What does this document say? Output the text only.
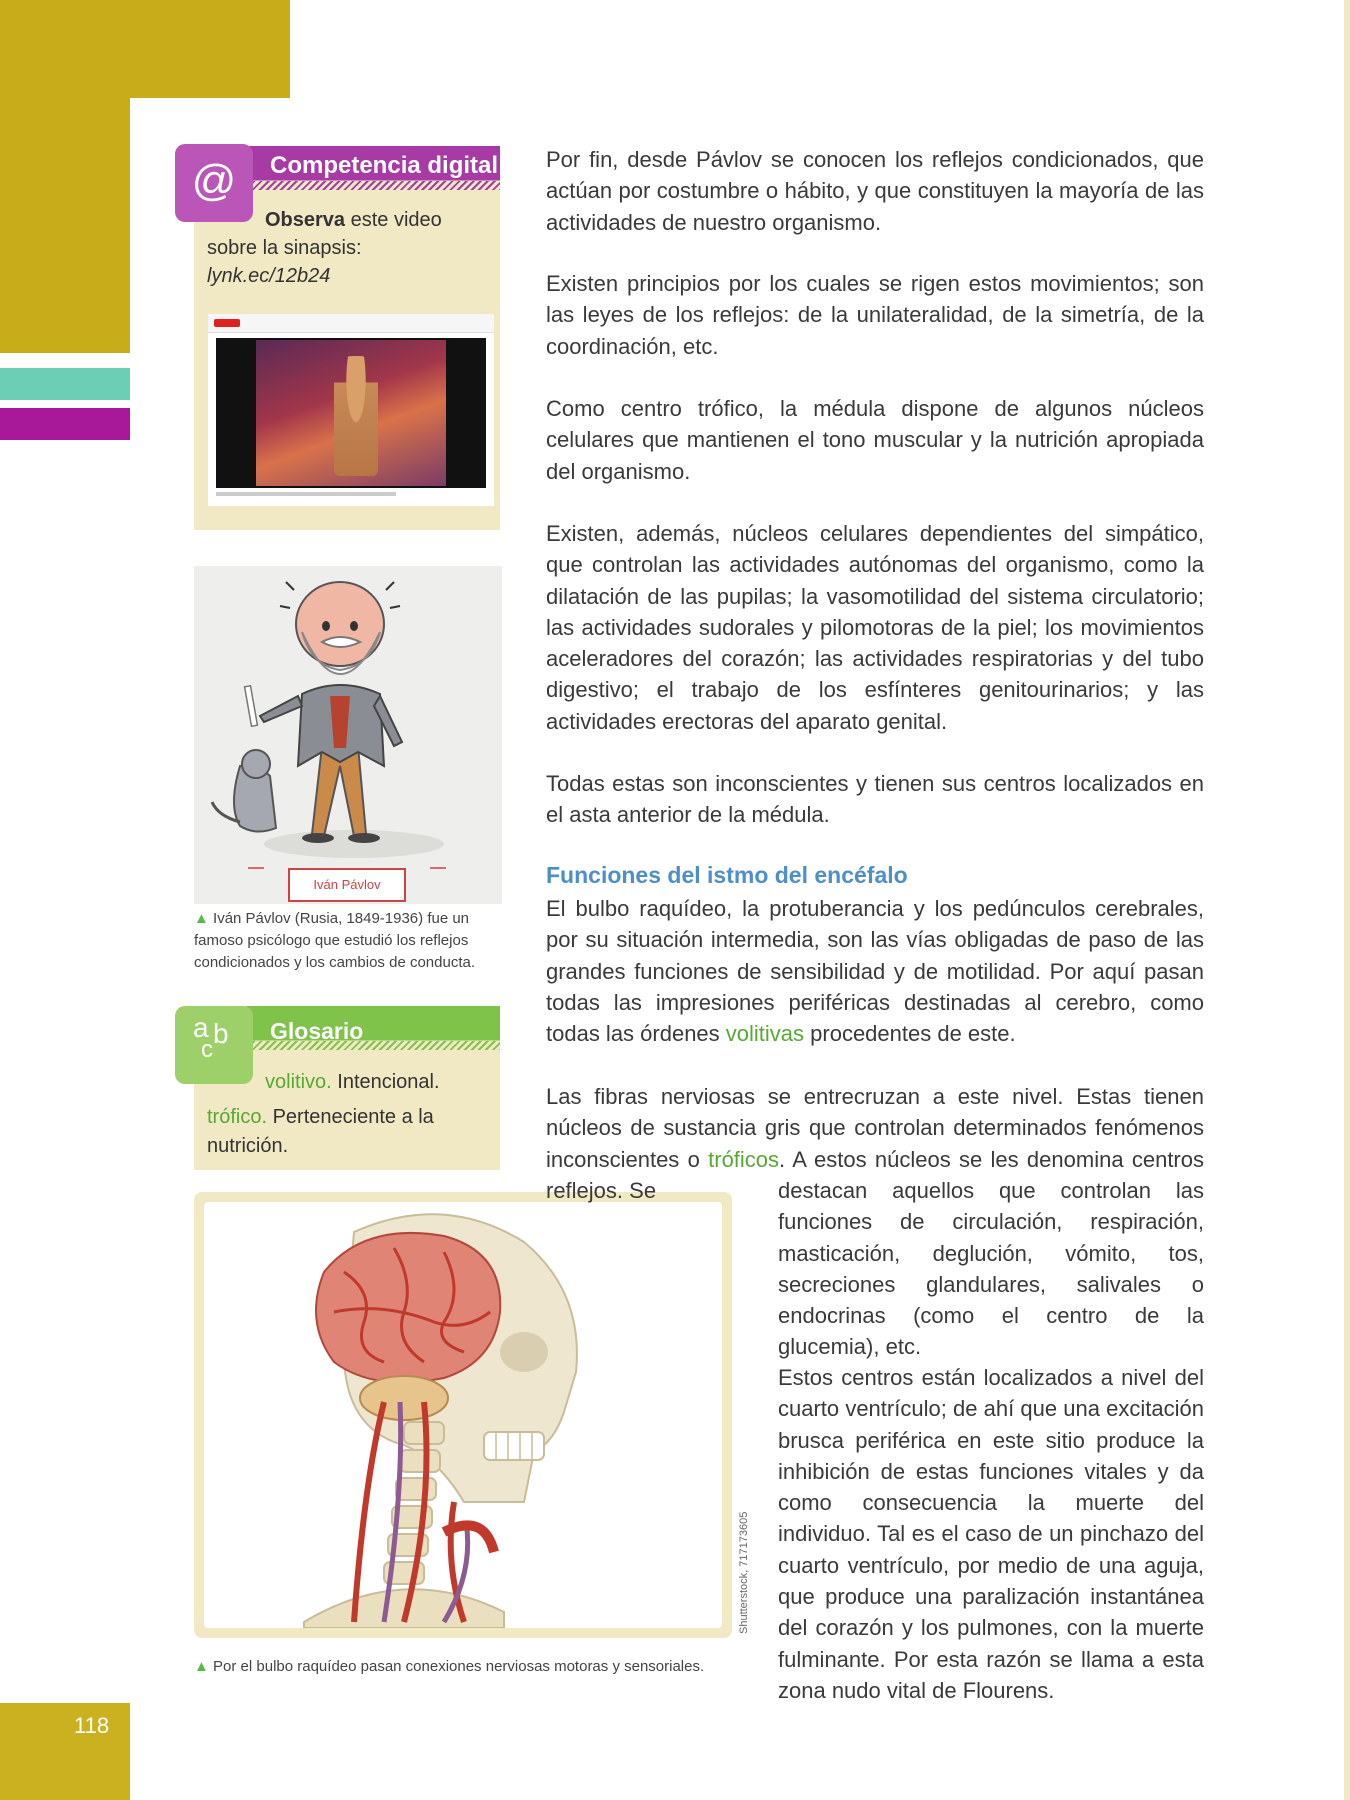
118
Competencia digital
@
Observa este video
sobre la sinapsis:
lynk.ec/12b24
Iván Pávlov
▲ Iván Pávlov (Rusia, 1849-1936) fue un famoso psicólogo que estudió los reflejos condicionados y los cambios de conducta.
Glosario
a b
c
volitivo. Intencional.
trófico. Perteneciente a la nutrición.
Shutterstock, 717173605
▲ Por el bulbo raquídeo pasan conexiones nerviosas motoras y sensoriales.

Por fin, desde Pávlov se conocen los reflejos condicionados, que actúan por costumbre o hábito, y que constituyen la mayoría de las actividades de nuestro organismo.

Existen principios por los cuales se rigen estos movimientos; son las leyes de los reflejos: de la unilateralidad, de la simetría, de la coordinación, etc.

Como centro trófico, la médula dispone de algunos núcleos celulares que mantienen el tono muscular y la nutrición apropiada del organismo.

Existen, además, núcleos celulares dependientes del simpático, que controlan las actividades autónomas del organismo, como la dilatación de las pupilas; la vasomotilidad del sistema circulatorio; las actividades sudorales y pilomotoras de la piel; los movimientos aceleradores del corazón; las actividades respiratorias y del tubo digestivo; el trabajo de los esfínteres genitourinarios; y las actividades erectoras del aparato genital.

Todas estas son inconscientes y tienen sus centros localizados en el asta anterior de la médula.

Funciones del istmo del encéfalo

El bulbo raquídeo, la protuberancia y los pedúnculos cerebrales, por su situación intermedia, son las vías obligadas de paso de las grandes funciones de sensibilidad y de motilidad. Por aquí pasan todas las impresiones periféricas destinadas al cerebro, como todas las órdenes volitivas procedentes de este.

Las fibras nerviosas se entrecruzan a este nivel. Estas tienen núcleos de sustancia gris que controlan determinados fenómenos inconscientes o tróficos. A estos núcleos se les denomina centros reflejos. Se	destacan aquellos que controlan las funciones de circulación, respiración, masticación, deglución, vómito, tos, secreciones glandulares, salivales o endocrinas (como el centro de la glucemia), etc.

Estos centros están localizados a nivel del cuarto ventrículo; de ahí que una excitación brusca periférica en este sitio produce la inhibición de estas funciones vitales y da como consecuencia la muerte del individuo. Tal es el caso de un pinchazo del cuarto ventrículo, por medio de una aguja, que produce una paralización instantánea del corazón y los pulmones, con la muerte fulminante. Por esta razón se llama a esta zona nudo vital de Flourens.
